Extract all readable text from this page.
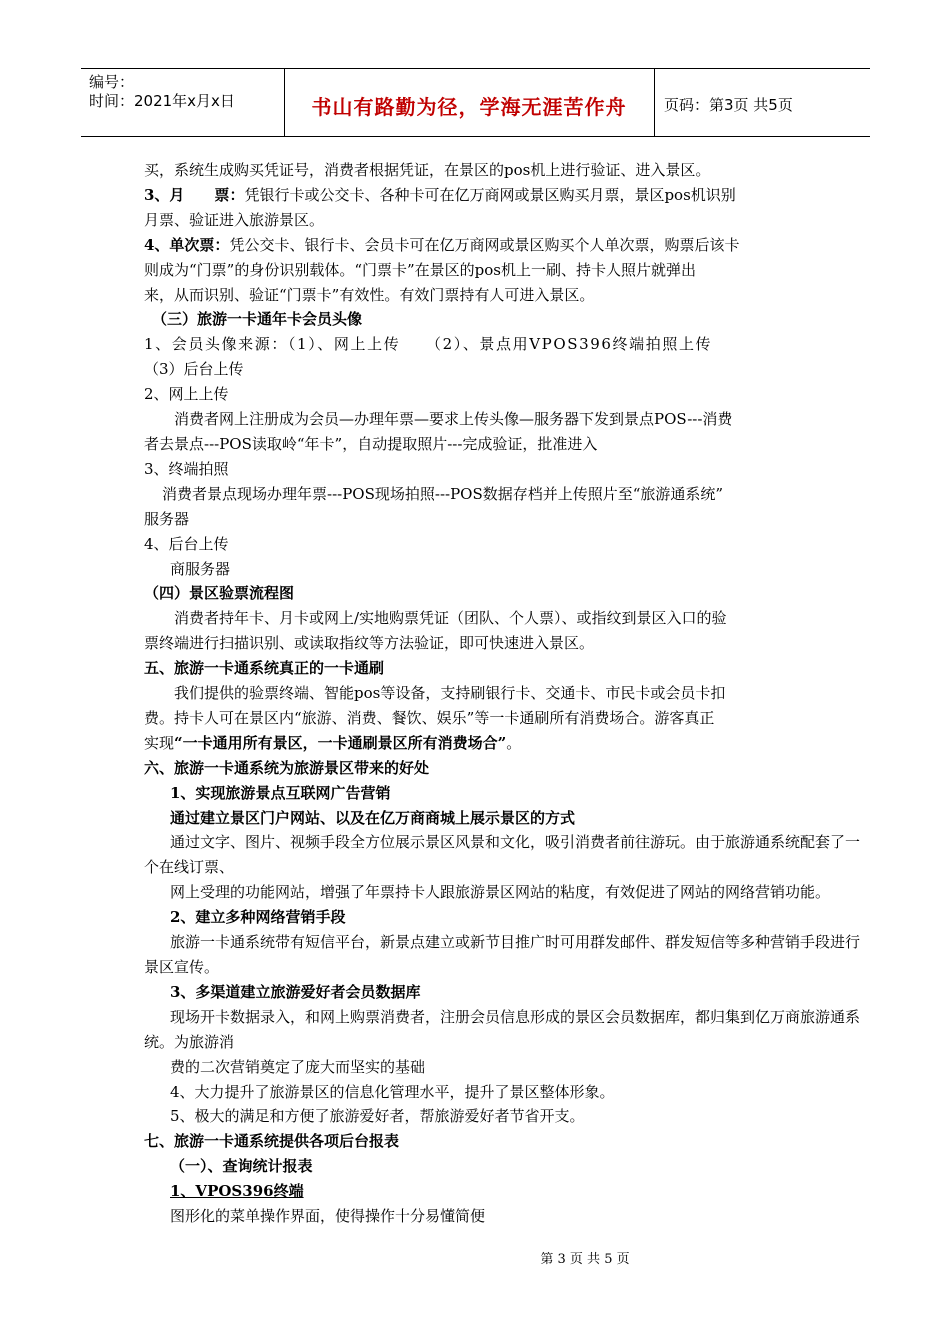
编号：
时间：2021年x月x日	书山有路勤为径，学海无涯苦作舟	页码：第3页 共5页

买，系统生成购买凭证号，消费者根据凭证，在景区的pos机上进行验证、进入景区。

3、月　　票：凭银行卡或公交卡、各种卡可在亿万商网或景区购买月票，景区pos机识别

月票、验证进入旅游景区。

4、单次票：凭公交卡、银行卡、会员卡可在亿万商网或景区购买个人单次票，购票后该卡

则成为“门票”的身份识别载体。“门票卡”在景区的pos机上一刷、持卡人照片就弹出

来，从而识别、验证“门票卡”有效性。有效门票持有人可进入景区。

（三）旅游一卡通年卡会员头像

1、会员头像来源：（1）、网上上传　　（2）、景点用VPOS396终端拍照上传

（3）后台上传

2、网上上传

消费者网上注册成为会员—办理年票—要求上传头像—服务器下发到景点POS---消费

者去景点---POS读取岭“年卡”，自动提取照片---完成验证，批准进入

3、终端拍照

消费者景点现场办理年票---POS现场拍照---POS数据存档并上传照片至“旅游通系统”

服务器

4、后台上传

商服务器

（四）景区验票流程图

消费者持年卡、月卡或网上/实地购票凭证（团队、个人票）、或指纹到景区入口的验

票终端进行扫描识别、或读取指纹等方法验证，即可快速进入景区。

五、旅游一卡通系统真正的一卡通刷

我们提供的验票终端、智能pos等设备，支持刷银行卡、交通卡、市民卡或会员卡扣

费。持卡人可在景区内“旅游、消费、餐饮、娱乐”等一卡通刷所有消费场合。游客真正

实现“一卡通用所有景区，一卡通刷景区所有消费场合”。

六、旅游一卡通系统为旅游景区带来的好处

1、实现旅游景点互联网广告营销

通过建立景区门户网站、以及在亿万商商城上展示景区的方式

通过文字、图片、视频手段全方位展示景区风景和文化，吸引消费者前往游玩。由于旅游通系统配套了一

个在线订票、

网上受理的功能网站，增强了年票持卡人跟旅游景区网站的粘度，有效促进了网站的网络营销功能。

2、建立多种网络营销手段

旅游一卡通系统带有短信平台，新景点建立或新节目推广时可用群发邮件、群发短信等多种营销手段进行

景区宣传。

3、多渠道建立旅游爱好者会员数据库

现场开卡数据录入，和网上购票消费者，注册会员信息形成的景区会员数据库，都归集到亿万商旅游通系

统。为旅游消

费的二次营销奠定了庞大而坚实的基础

4、大力提升了旅游景区的信息化管理水平，提升了景区整体形象。

5、极大的满足和方便了旅游爱好者，帮旅游爱好者节省开支。

七、旅游一卡通系统提供各项后台报表

（一）、查询统计报表

1、VPOS396终端

图形化的菜单操作界面，使得操作十分易懂简便

第 3 页 共 5 页
